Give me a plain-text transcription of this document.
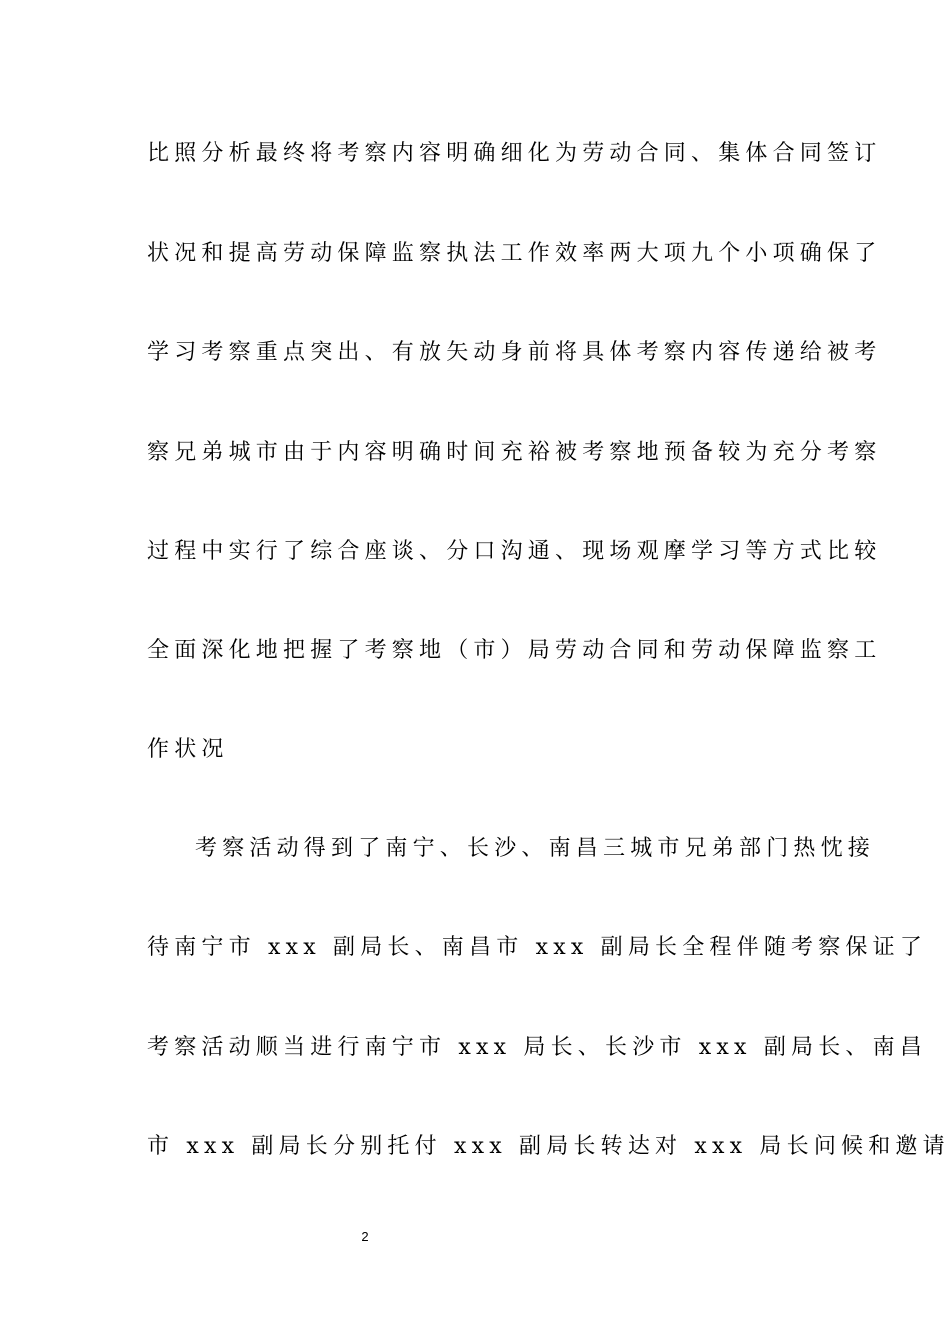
比照分析最终将考察内容明确细化为劳动合同、集体合同签订
状况和提高劳动保障监察执法工作效率两大项九个小项确保了
学习考察重点突出、有放矢动身前将具体考察内容传递给被考
察兄弟城市由于内容明确时间充裕被考察地预备较为充分考察
过程中实行了综合座谈、分口沟通、现场观摩学习等方式比较
全面深化地把握了考察地（市）局劳动合同和劳动保障监察工
作状况
考察活动得到了南宁、长沙、南昌三城市兄弟部门热忱接
待南宁市 xxx 副局长、南昌市 xxx 副局长全程伴随考察保证了
考察活动顺当进行南宁市 xxx 局长、长沙市 xxx 副局长、南昌
市 xxx 副局长分别托付 xxx 副局长转达对 xxx 局长问候和邀请
2
